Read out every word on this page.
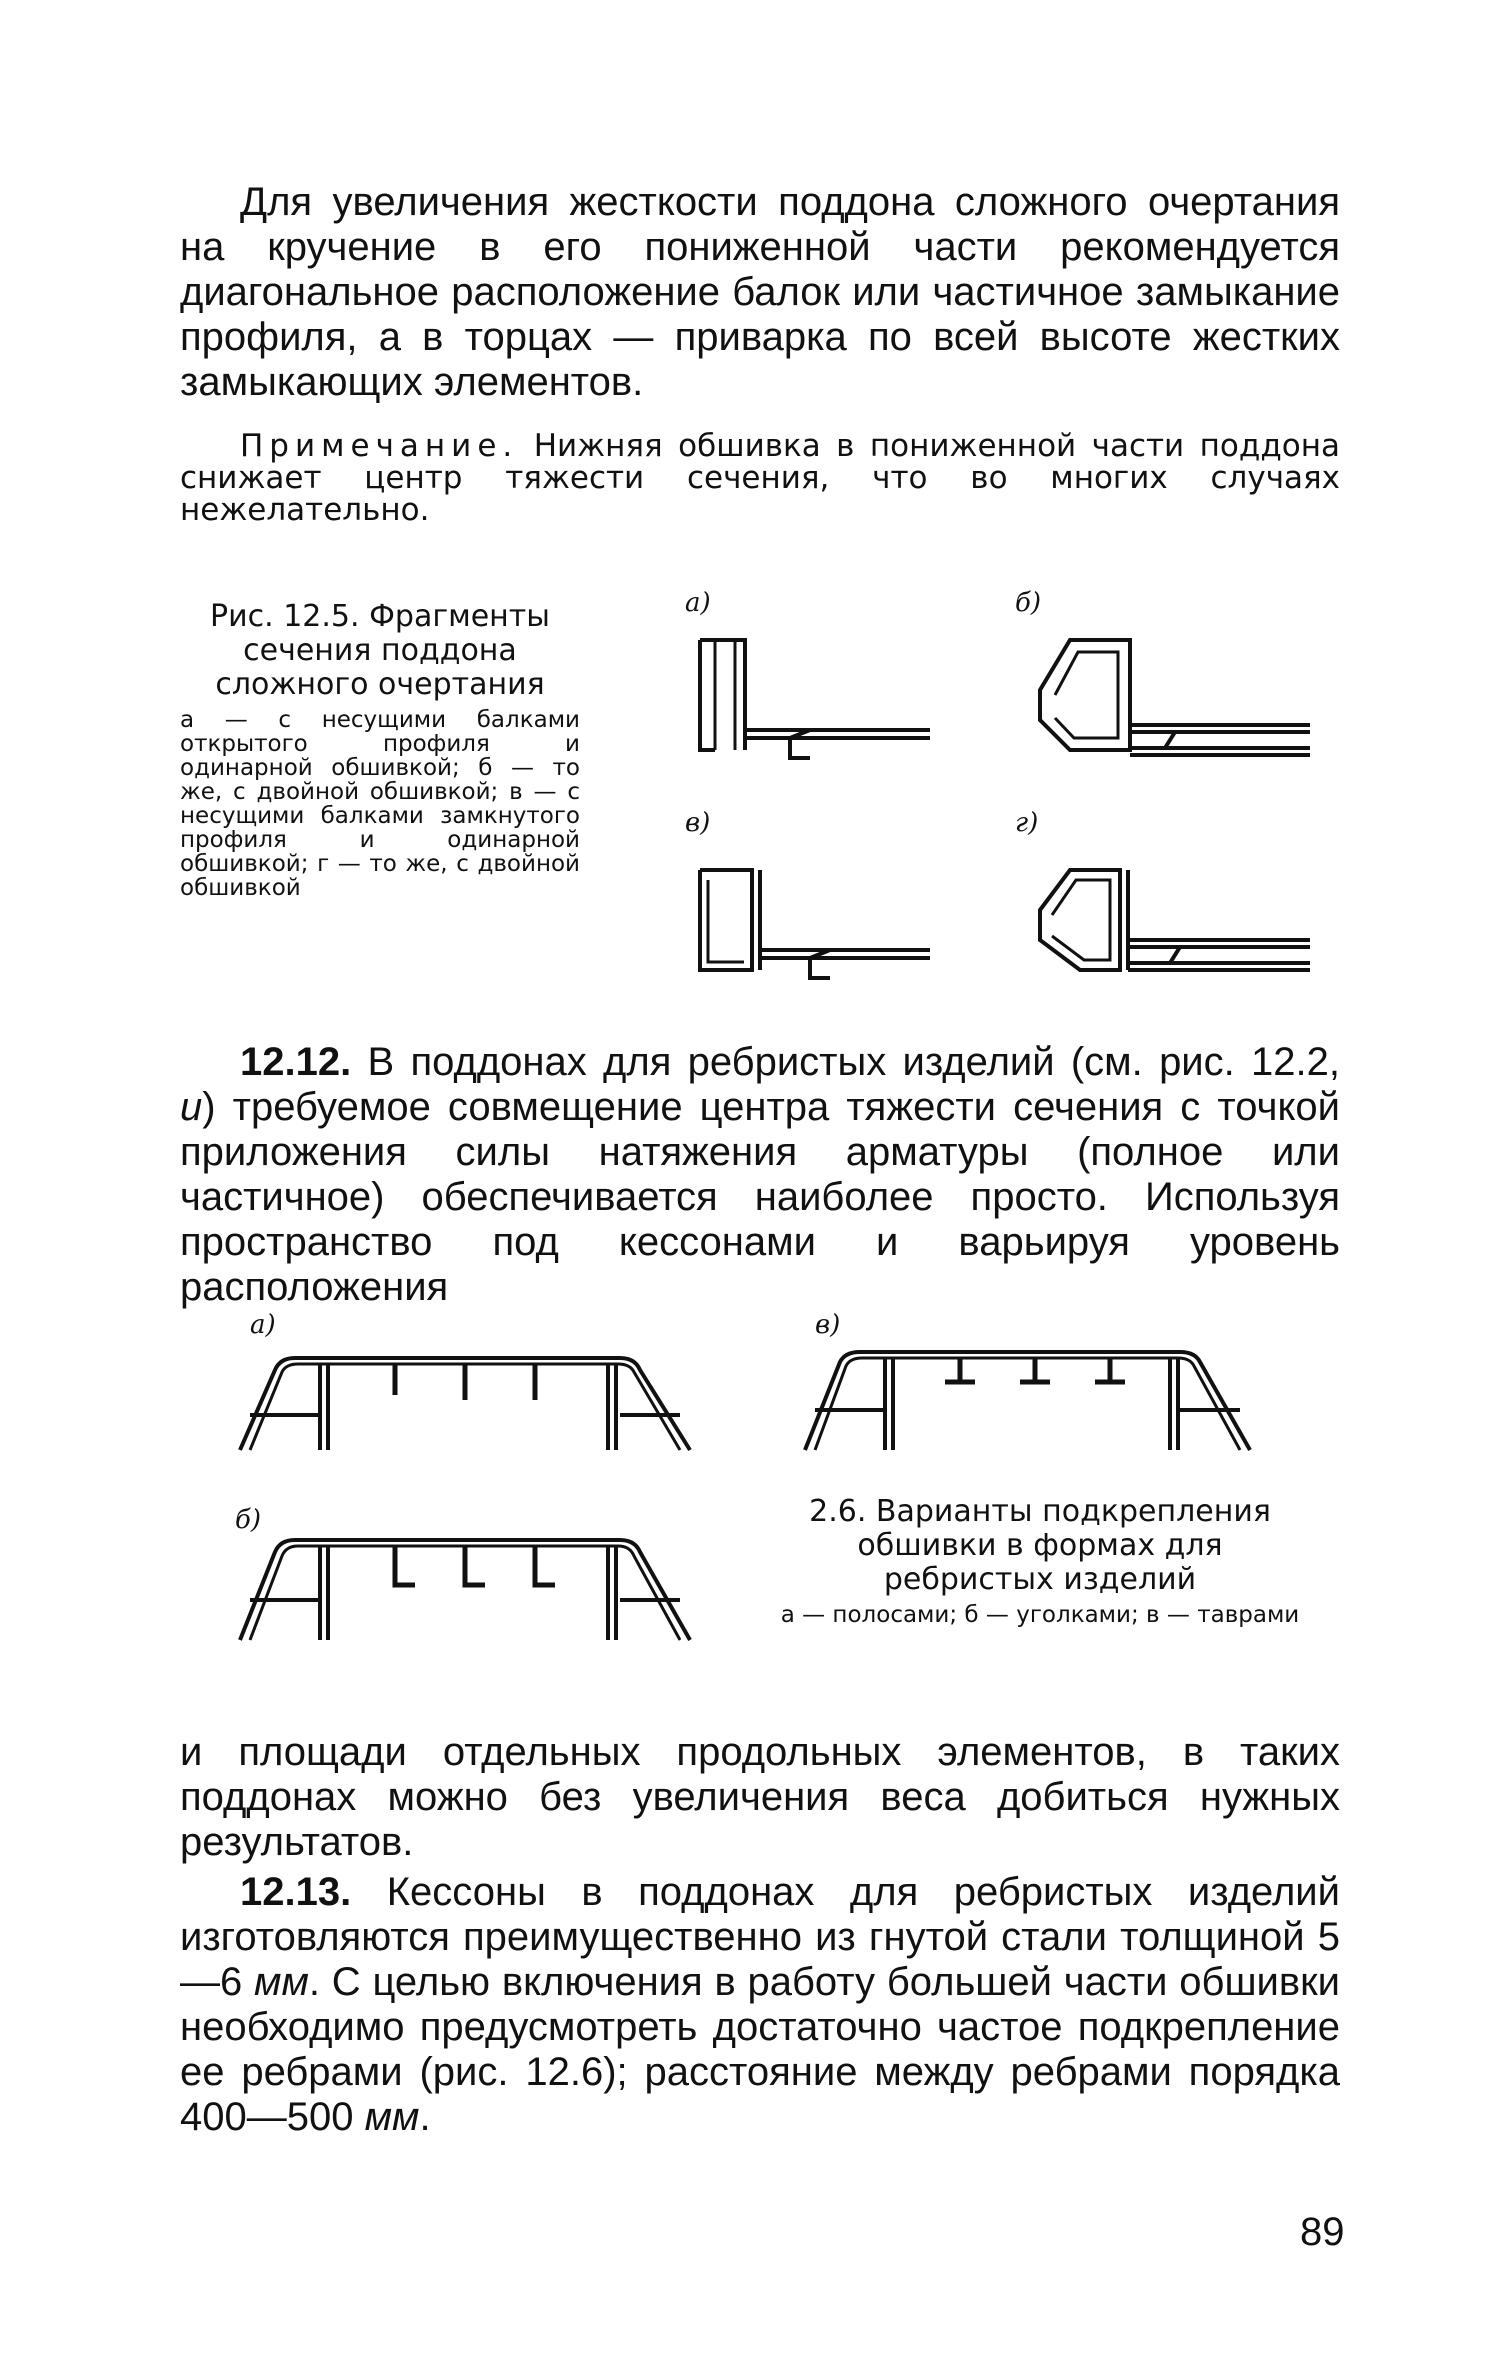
Для увеличения жесткости поддона сложного очертания на кручение в его пониженной части рекомендуется диагональное расположение балок или частичное замыкание профиля, а в торцах — приварка по всей высоте жестких замыкающих элементов.

Примечание. Нижняя обшивка в пониженной части поддона снижает центр тяжести сечения, что во многих случаях нежелательно.

Рис. 12.5. Фрагменты сечения поддона сложного очертания

а — с несущими балками открытого профиля и одинарной обшивкой; б — то же, с двойной обшивкой; в — с несущими балками замкнутого профиля и одинарной обшивкой; г — то же, с двойной обшивкой

а)	б)
в)	г)

12.12. В поддонах для ребристых изделий (см. рис. 12.2, и) требуемое совмещение центра тяжести сечения с точкой приложения силы натяжения арматуры (полное или частичное) обеспечивается наиболее просто. Используя пространство под кессонами и варьируя уровень расположения

а)	в)
б)	2.6. Варианты подкрепления обшивки в формах для ребристых изделий

а — полосами; б — уголками; в — таврами

и площади отдельных продольных элементов, в таких поддонах можно без увеличения веса добиться нужных результатов.

12.13. Кессоны в поддонах для ребристых изделий изготовляются преимущественно из гнутой стали толщиной 5—6 мм. С целью включения в работу большей части обшивки необходимо предусмотреть достаточно частое подкрепление ее ребрами (рис. 12.6); расстояние между ребрами порядка 400—500 мм.

89
